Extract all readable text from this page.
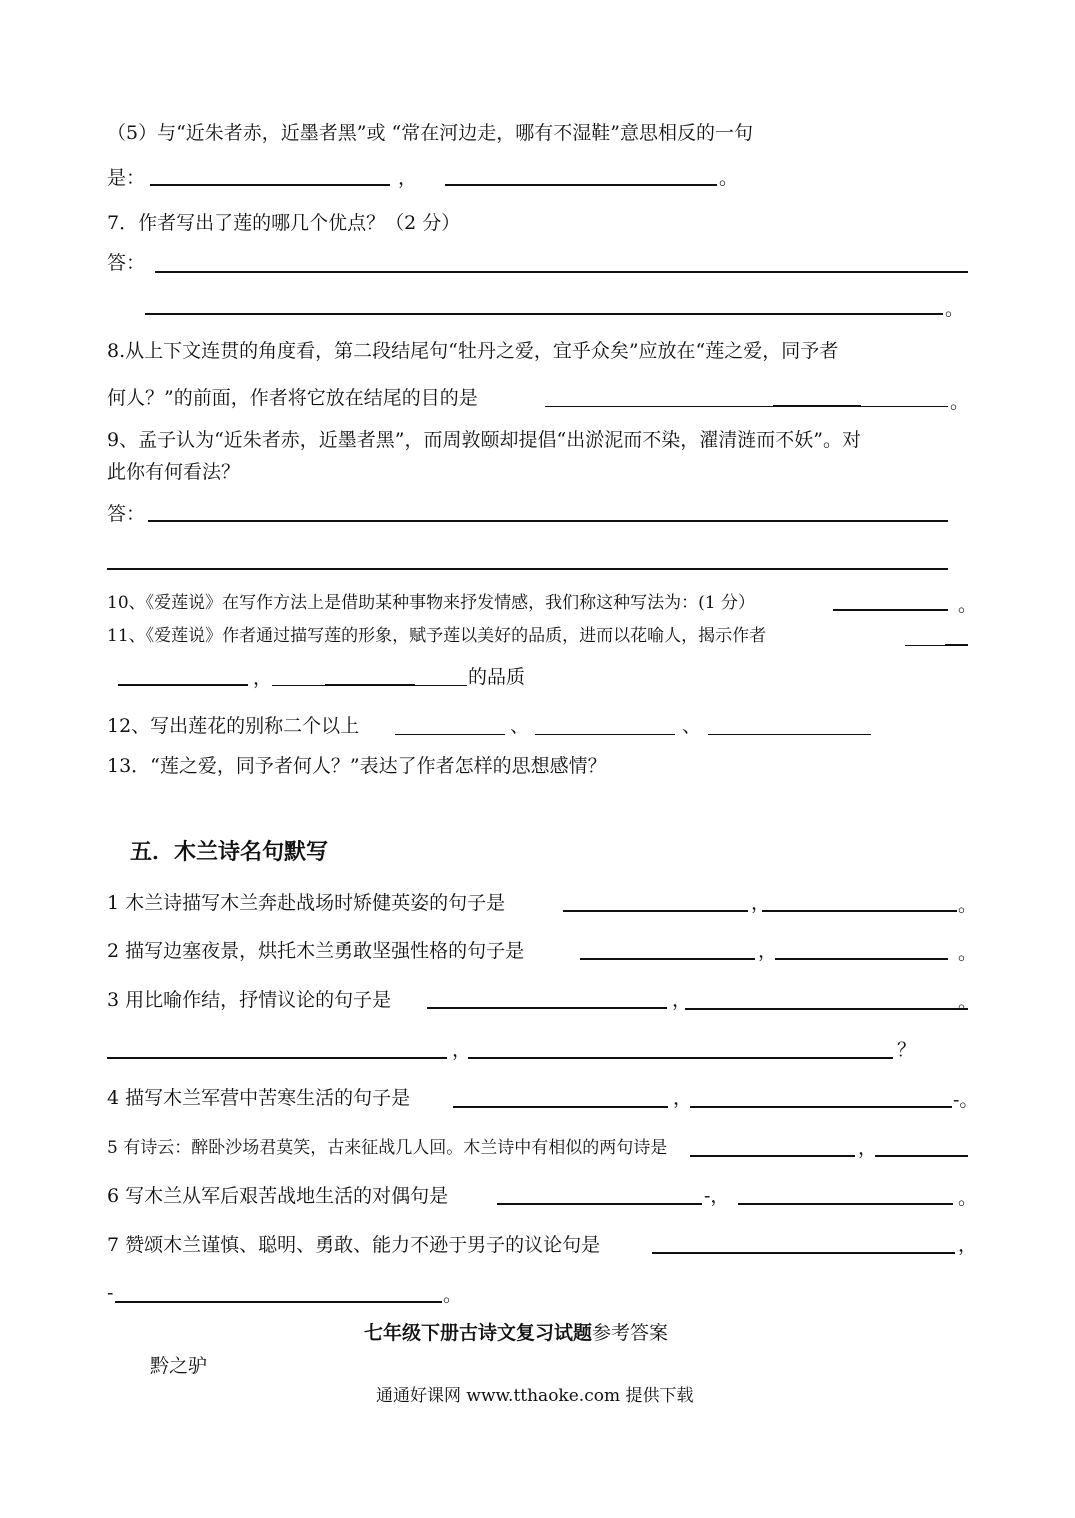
（5）与“近朱者赤，近墨者黑”或 “常在河边走，哪有不湿鞋”意思相反的一句
是：	，	。
7．作者写出了莲的哪几个优点？（2 分）
答：
。
8.从上下文连贯的角度看，第二段结尾句“牡丹之爱，宜乎众矣”应放在“莲之爱，同予者
何人？”的前面，作者将它放在结尾的目的是	。
9、孟子认为“近朱者赤，近墨者黑”，而周敦颐却提倡“出淤泥而不染，濯清涟而不妖”。对
此你有何看法？
答：
10、《爱莲说》在写作方法上是借助某种事物来抒发情感，我们称这种写法为：(1 分）	。
11、《爱莲说》作者通过描写莲的形象，赋予莲以美好的品质，进而以花喻人，揭示作者
，	的品质
12、写出莲花的别称二个以上	、	、
13．“莲之爱，同予者何人？”表达了作者怎样的思想感情？
五．木兰诗名句默写
1 木兰诗描写木兰奔赴战场时矫健英姿的句子是	，	。
2 描写边塞夜景，烘托木兰勇敢坚强性格的句子是	，	。
3 用比喻作结，抒情议论的句子是	，	。
，	？
4 描写木兰军营中苦寒生活的句子是	，	-。
5 有诗云：醉卧沙场君莫笑，古来征战几人回。木兰诗中有相似的两句诗是	，
6 写木兰从军后艰苦战地生活的对偶句是	-，	。
7 赞颂木兰谨慎、聪明、勇敢、能力不逊于男子的议论句是	，
-	。
七年级下册古诗文复习试题参考答案
黔之驴
通通好课网 www.tthaoke.com 提供下载
